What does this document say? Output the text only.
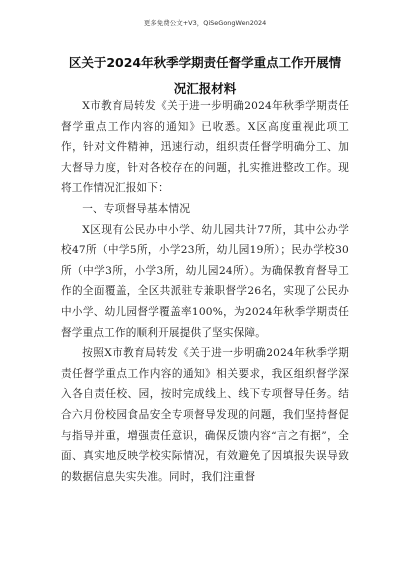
更多免费公文+V3，QiSeGongWen2024
区关于2024年秋季学期责任督学重点工作开展情况汇报材料

X市教育局转发《关于进一步明确2024年秋季学期责任督学重点工作内容的通知》已收悉。X区高度重视此项工作，针对文件精神，迅速行动，组织责任督学明确分工、加大督导力度，针对各校存在的问题，扎实推进整改工作。现将工作情况汇报如下：

一、专项督导基本情况

X区现有公民办中小学、幼儿园共计77所，其中公办学校47所（中学5所，小学23所，幼儿园19所）；民办学校30所（中学3所，小学3所，幼儿园24所）。为确保教育督导工作的全面覆盖，全区共派驻专兼职督学26名，实现了公民办中小学、幼儿园督学覆盖率100%，为2024年秋季学期责任督学重点工作的顺利开展提供了坚实保障。

按照X市教育局转发《关于进一步明确2024年秋季学期责任督学重点工作内容的通知》相关要求，我区组织督学深入各自责任校、园，按时完成线上、线下专项督导任务。结合六月份校园食品安全专项督导发现的问题，我们坚持督促与指导并重，增强责任意识，确保反馈内容“言之有据”，全面、真实地反映学校实际情况，有效避免了因填报失误导致的数据信息失实失准。同时，我们注重督
